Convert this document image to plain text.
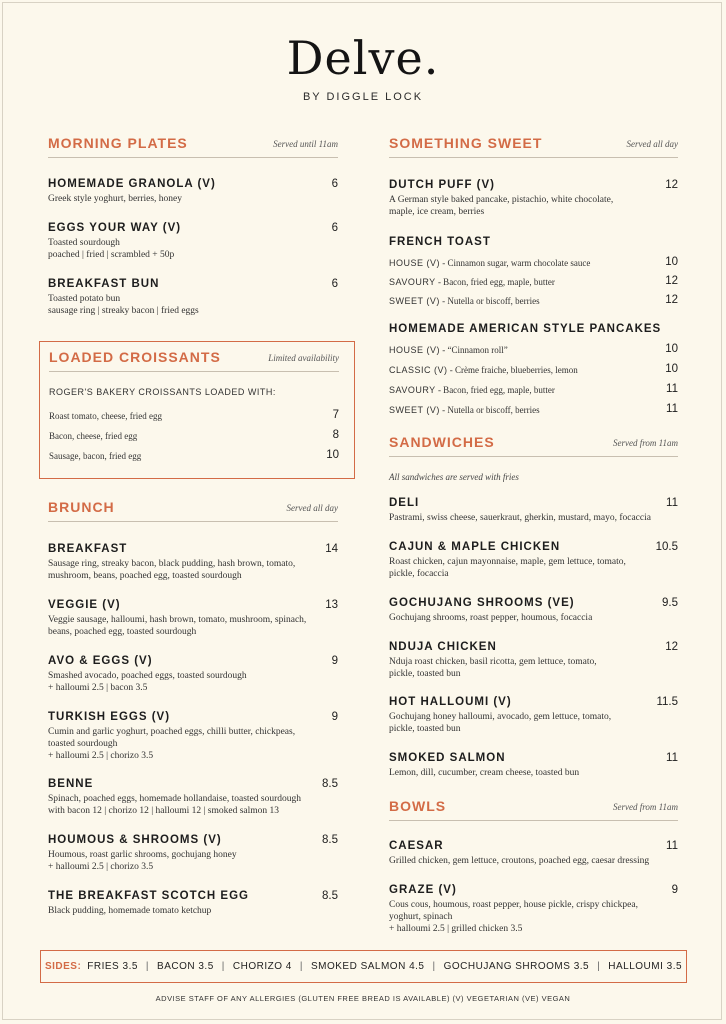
Delve.
BY DIGGLE LOCK
MORNING PLATES	Served until 11am
HOMEMADE GRANOLA (V)	6
Greek style yoghurt, berries, honey
EGGS YOUR WAY (V)	6
Toasted sourdough
poached | fried | scrambled + 50p
BREAKFAST BUN	6
Toasted potato bun
sausage ring | streaky bacon | fried eggs
LOADED CROISSANTS	Limited availability
ROGER'S BAKERY CROISSANTS LOADED WITH:
Roast tomato, cheese, fried egg	7
Bacon, cheese, fried egg	8
Sausage, bacon, fried egg	10
BRUNCH	Served all day
BREAKFAST	14
Sausage ring, streaky bacon, black pudding, hash brown, tomato,
mushroom, beans, poached egg, toasted sourdough
VEGGIE (V)	13
Veggie sausage, halloumi, hash brown, tomato, mushroom, spinach,
beans, poached egg, toasted sourdough
AVO & EGGS (V)	9
Smashed avocado, poached eggs, toasted sourdough
+ halloumi 2.5 | bacon 3.5
TURKISH EGGS (V)	9
Cumin and garlic yoghurt, poached eggs, chilli butter, chickpeas,
toasted sourdough
+ halloumi 2.5 | chorizo 3.5
BENNE	8.5
Spinach, poached eggs, homemade hollandaise, toasted sourdough
with bacon 12 | chorizo 12 | halloumi 12 | smoked salmon 13
HOUMOUS & SHROOMS (V)	8.5
Houmous, roast garlic shrooms, gochujang honey
+ halloumi 2.5 | chorizo 3.5
THE BREAKFAST SCOTCH EGG	8.5
Black pudding, homemade tomato ketchup
SOMETHING SWEET	Served all day
DUTCH PUFF (V)	12
A German style baked pancake, pistachio, white chocolate,
maple, ice cream, berries
FRENCH TOAST
HOUSE (V) - Cinnamon sugar, warm chocolate sauce	10
SAVOURY - Bacon, fried egg, maple, butter	12
SWEET (V) - Nutella or biscoff, berries	12
HOMEMADE AMERICAN STYLE PANCAKES
HOUSE (V) - “Cinnamon roll”	10
CLASSIC (V) - Crème fraiche, blueberries, lemon	10
SAVOURY - Bacon, fried egg, maple, butter	11
SWEET (V) - Nutella or biscoff, berries	11
SANDWICHES	Served from 11am
All sandwiches are served with fries
DELI	11
Pastrami, swiss cheese, sauerkraut, gherkin, mustard, mayo, focaccia
CAJUN & MAPLE CHICKEN	10.5
Roast chicken, cajun mayonnaise, maple, gem lettuce, tomato,
pickle, focaccia
GOCHUJANG SHROOMS (VE)	9.5
Gochujang shrooms, roast pepper, houmous, focaccia
NDUJA CHICKEN	12
Nduja roast chicken, basil ricotta, gem lettuce, tomato,
pickle, toasted bun
HOT HALLOUMI (V)	11.5
Gochujang honey halloumi, avocado, gem lettuce, tomato,
pickle, toasted bun
SMOKED SALMON	11
Lemon, dill, cucumber, cream cheese, toasted bun
BOWLS	Served from 11am
CAESAR	11
Grilled chicken, gem lettuce, croutons, poached egg, caesar dressing
GRAZE (V)	9
Cous cous, houmous, roast pepper, house pickle, crispy chickpea,
yoghurt, spinach
+ halloumi 2.5 | grilled chicken 3.5
SIDES: FRIES 3.5 | BACON 3.5 | CHORIZO 4 | SMOKED SALMON 4.5 | GOCHUJANG SHROOMS 3.5 | HALLOUMI 3.5
ADVISE STAFF OF ANY ALLERGIES (GLUTEN FREE BREAD IS AVAILABLE) (V) VEGETARIAN (VE) VEGAN
